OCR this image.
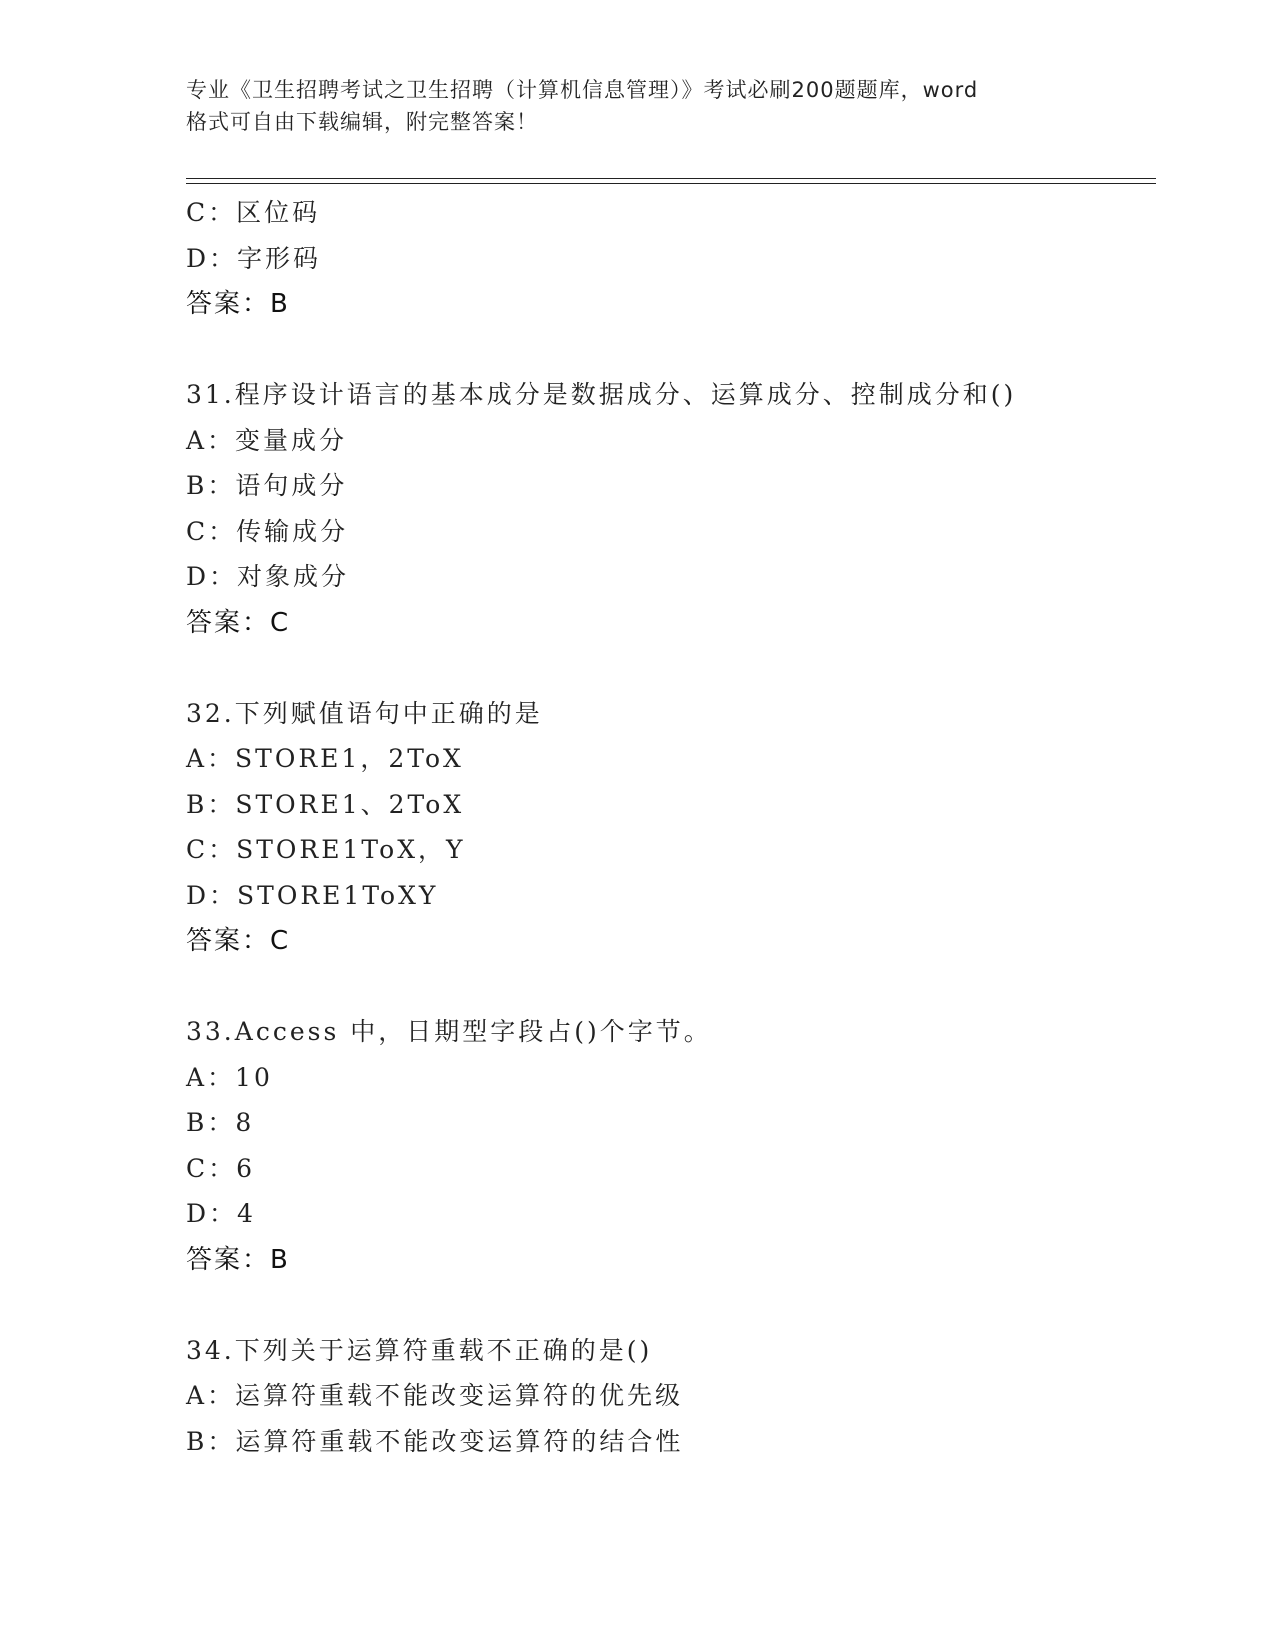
专业《卫生招聘考试之卫生招聘（计算机信息管理）》考试必刷200题题库，word
格式可自由下载编辑，附完整答案！
C：区位码
D：字形码
答案：B
31.程序设计语言的基本成分是数据成分、运算成分、控制成分和()
A：变量成分
B：语句成分
C：传输成分
D：对象成分
答案：C
32.下列赋值语句中正确的是
A：STORE1，2ToX
B：STORE1、2ToX
C：STORE1ToX，Y
D：STORE1ToXY
答案：C
33.Access 中，日期型字段占()个字节。
A：10
B：8
C：6
D：4
答案：B
34.下列关于运算符重载不正确的是()
A：运算符重载不能改变运算符的优先级
B：运算符重载不能改变运算符的结合性
